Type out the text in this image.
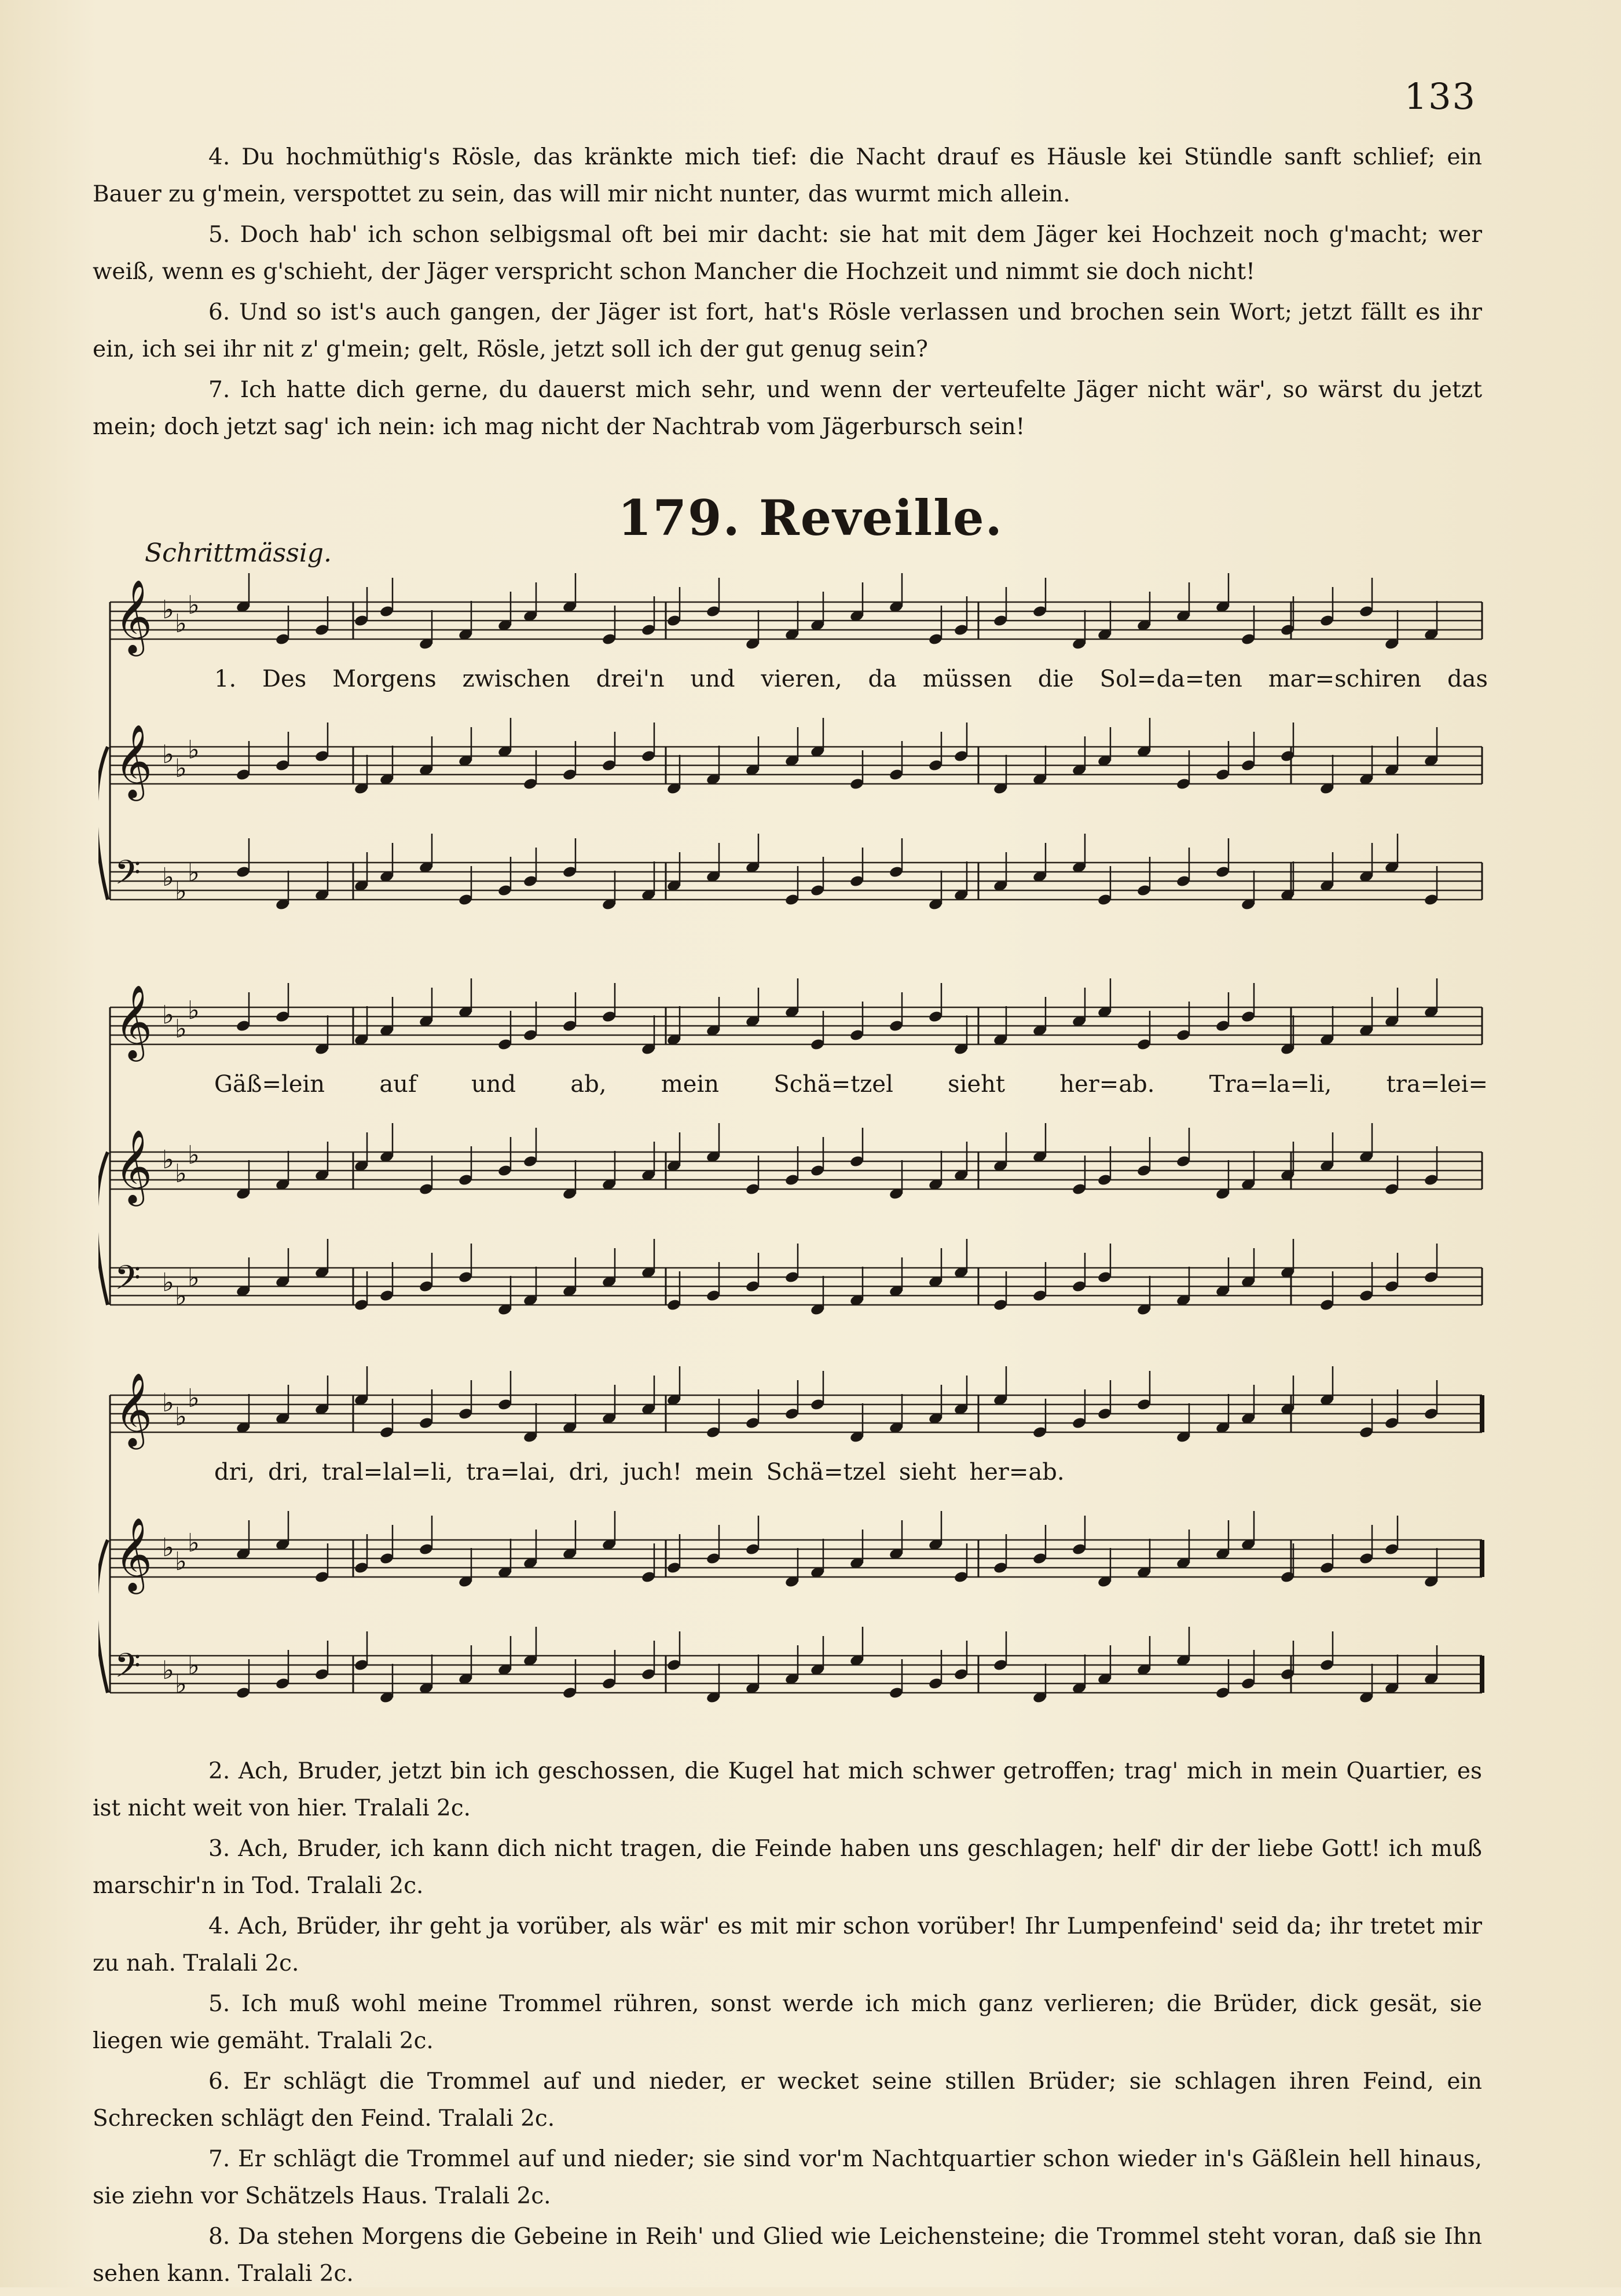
133

4. Du hochmüthig's Rösle, das kränkte mich tief: die Nacht drauf es Häusle kei Stündle sanft schlief; ein Bauer zu g'mein, verspottet zu sein, das will mir nicht nunter, das wurmt mich allein.

5. Doch hab' ich schon selbigsmal oft bei mir dacht: sie hat mit dem Jäger kei Hochzeit noch g'macht; wer weiß, wenn es g'schieht, der Jäger verspricht schon Mancher die Hochzeit und nimmt sie doch nicht!

6. Und so ist's auch gangen, der Jäger ist fort, hat's Rösle verlassen und brochen sein Wort; jetzt fällt es ihr ein, ich sei ihr nit z' g'mein; gelt, Rösle, jetzt soll ich der gut genug sein?

7. Ich hatte dich gerne, du dauerst mich sehr, und wenn der verteufelte Jäger nicht wär', so wärst du jetzt mein; doch jetzt sag' ich nein: ich mag nicht der Nachtrab vom Jägerbursch sein!

179. Reveille.
Schrittmässig.
𝄞 ♭ ♭
♭
𝄞 ♭ ♭
♭
𝄢 ♭ ♭
♭
1. Des Morgens zwischen drei'n und vieren, da müssen die Sol=da=ten mar=schiren das
𝄞 ♭ ♭
♭
𝄞 ♭ ♭
♭
𝄢 ♭ ♭
♭
Gäß=lein auf und ab, mein Schä=tzel sieht her=ab. Tra=la=li, tra=lei=
𝄞 ♭ ♭
♭
𝄞 ♭ ♭
♭
𝄢 ♭ ♭
♭
dri, dri, tral=lal=li, tra=lai, dri, juch! mein Schä=tzel sieht her=ab.

2. Ach, Bruder, jetzt bin ich geschossen, die Kugel hat mich schwer getroffen; trag' mich in mein Quartier, es ist nicht weit von hier. Tralali 2c.

3. Ach, Bruder, ich kann dich nicht tragen, die Feinde haben uns geschlagen; helf' dir der liebe Gott! ich muß marschir'n in Tod. Tralali 2c.

4. Ach, Brüder, ihr geht ja vorüber, als wär' es mit mir schon vorüber! Ihr Lumpenfeind' seid da; ihr tretet mir zu nah. Tralali 2c.

5. Ich muß wohl meine Trommel rühren, sonst werde ich mich ganz verlieren; die Brüder, dick gesät, sie liegen wie gemäht. Tralali 2c.

6. Er schlägt die Trommel auf und nieder, er wecket seine stillen Brüder; sie schlagen ihren Feind, ein Schrecken schlägt den Feind. Tralali 2c.

7. Er schlägt die Trommel auf und nieder; sie sind vor'm Nachtquartier schon wieder in's Gäßlein hell hinaus, sie ziehn vor Schätzels Haus. Tralali 2c.

8. Da stehen Morgens die Gebeine in Reih' und Glied wie Leichensteine; die Trommel steht voran, daß sie Ihn sehen kann. Tralali 2c.
